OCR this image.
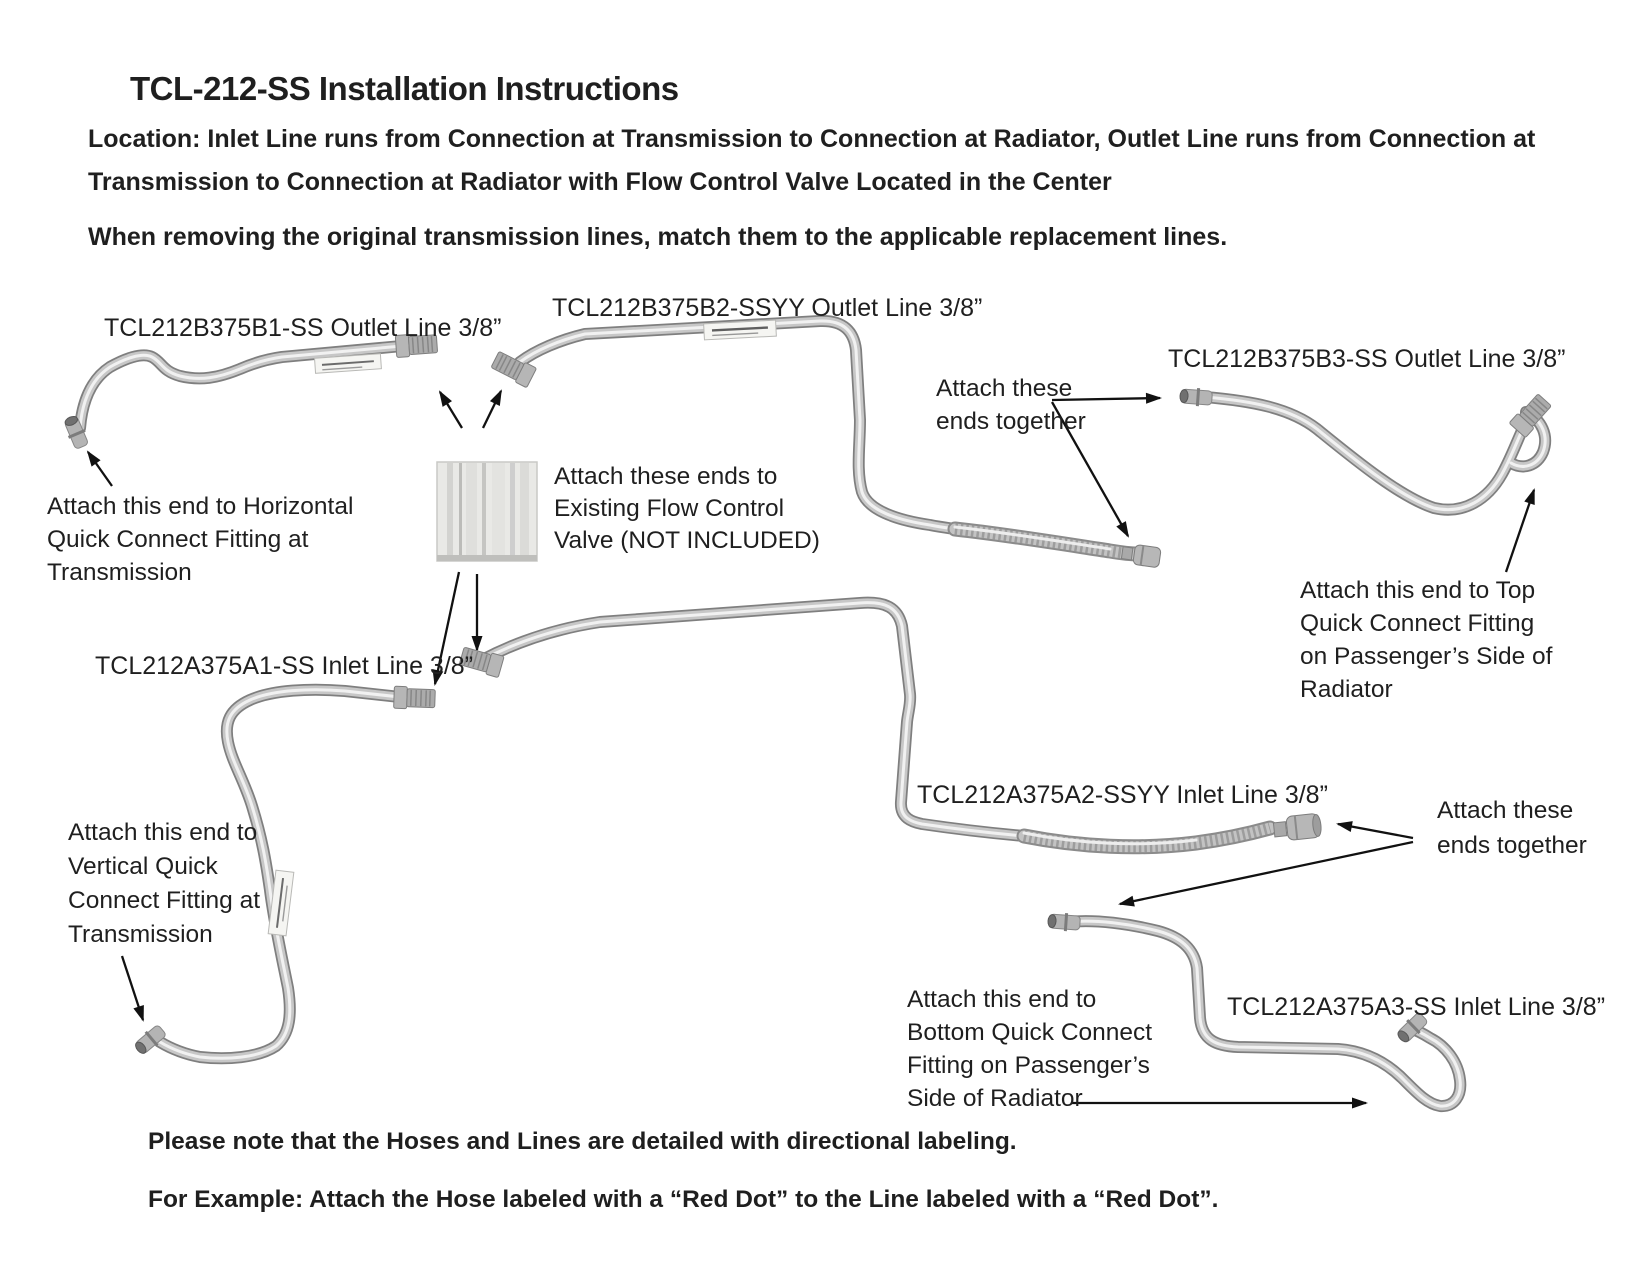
TCL-212-SS Installation Instructions
Location: Inlet Line runs from Connection at Transmission to Connection at Radiator, Outlet Line runs from Connection at
Transmission to Connection at Radiator with Flow Control Valve Located in the Center
When removing the original transmission lines, match them to the applicable replacement lines.
TCL212B375B1-SS Outlet Line 3/8”
TCL212B375B2-SSYY Outlet Line 3/8”
TCL212B375B3-SS Outlet Line 3/8”
TCL212A375A1-SS Inlet Line 3/8”
TCL212A375A2-SSYY Inlet Line 3/8”
TCL212A375A3-SS Inlet Line 3/8”
Attach this end to Horizontal
Quick Connect Fitting at
Transmission
Attach these ends to
Existing Flow Control
Valve (NOT INCLUDED)
Attach these
ends together
Attach this end to Top
Quick Connect Fitting
on Passenger’s Side of
Radiator
Attach this end to
Vertical Quick
Connect Fitting at
Transmission
Attach these
ends together
Attach this end to
Bottom Quick Connect
Fitting on Passenger’s
Side of Radiator
Please note that the Hoses and Lines are detailed with directional labeling.
For Example: Attach the Hose labeled with a “Red Dot” to the Line labeled with a “Red Dot”.
